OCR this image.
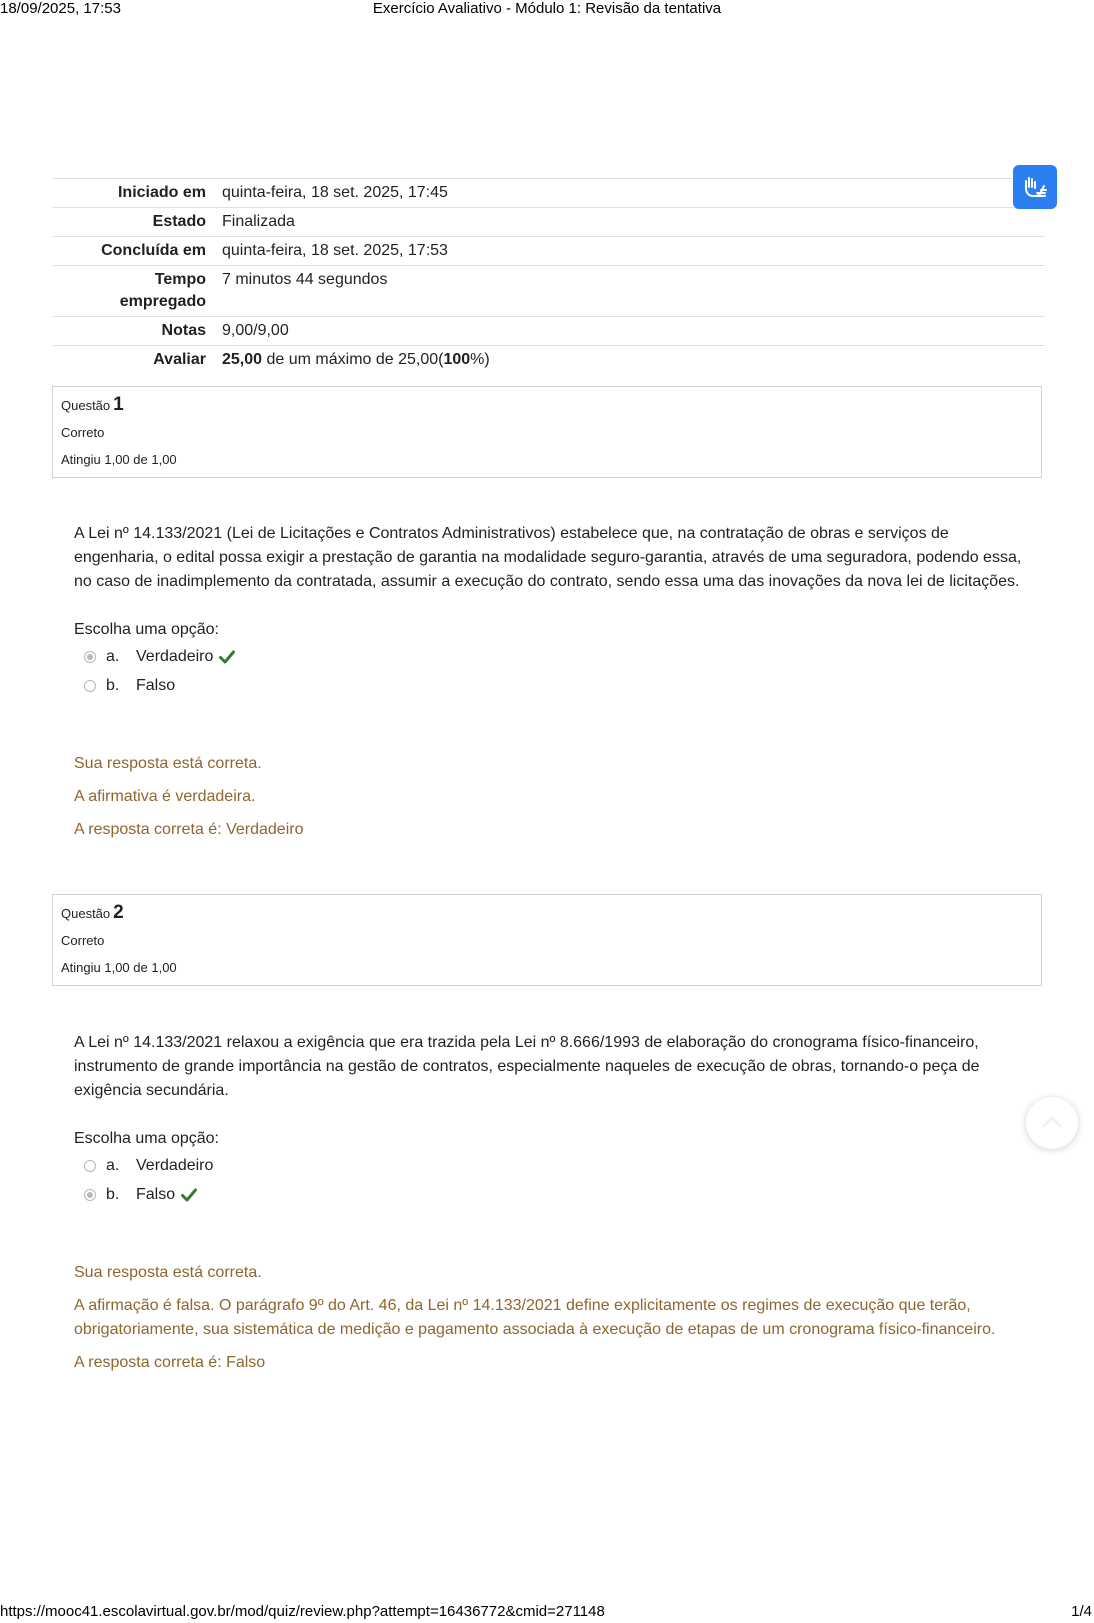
18/09/2025, 17:53	Exercício Avaliativo - Módulo 1: Revisão da tentativa
Iniciado em	quinta-feira, 18 set. 2025, 17:45
Estado	Finalizada
Concluída em	quinta-feira, 18 set. 2025, 17:53
Tempo
empregado	7 minutos 44 segundos
Notas	9,00/9,00
Avaliar	25,00 de um máximo de 25,00(100%)
Questão 1
Correto
Atingiu 1,00 de 1,00

A Lei nº 14.133/2021 (Lei de Licitações e Contratos Administrativos) estabelece que, na contratação de obras e serviços de engenharia, o edital possa exigir a prestação de garantia na modalidade seguro-garantia, através de uma seguradora, podendo essa, no caso de inadimplemento da contratada, assumir a execução do contrato, sendo essa uma das inovações da nova lei de licitações.

Escolha uma opção:
a.	Verdadeiro
b.	Falso

Sua resposta está correta.

A afirmativa é verdadeira.

A resposta correta é: Verdadeiro

Questão 2
Correto
Atingiu 1,00 de 1,00

A Lei nº 14.133/2021 relaxou a exigência que era trazida pela Lei nº 8.666/1993 de elaboração do cronograma físico-financeiro, instrumento de grande importância na gestão de contratos, especialmente naqueles de execução de obras, tornando-o peça de exigência secundária.

Escolha uma opção:
a.	Verdadeiro
b.	Falso

Sua resposta está correta.

A afirmação é falsa. O parágrafo 9º do Art. 46, da Lei nº 14.133/2021 define explicitamente os regimes de execução que terão, obrigatoriamente, sua sistemática de medição e pagamento associada à execução de etapas de um cronograma físico-financeiro.

A resposta correta é: Falso

https://mooc41.escolavirtual.gov.br/mod/quiz/review.php?attempt=16436772&cmid=271148	1/4
